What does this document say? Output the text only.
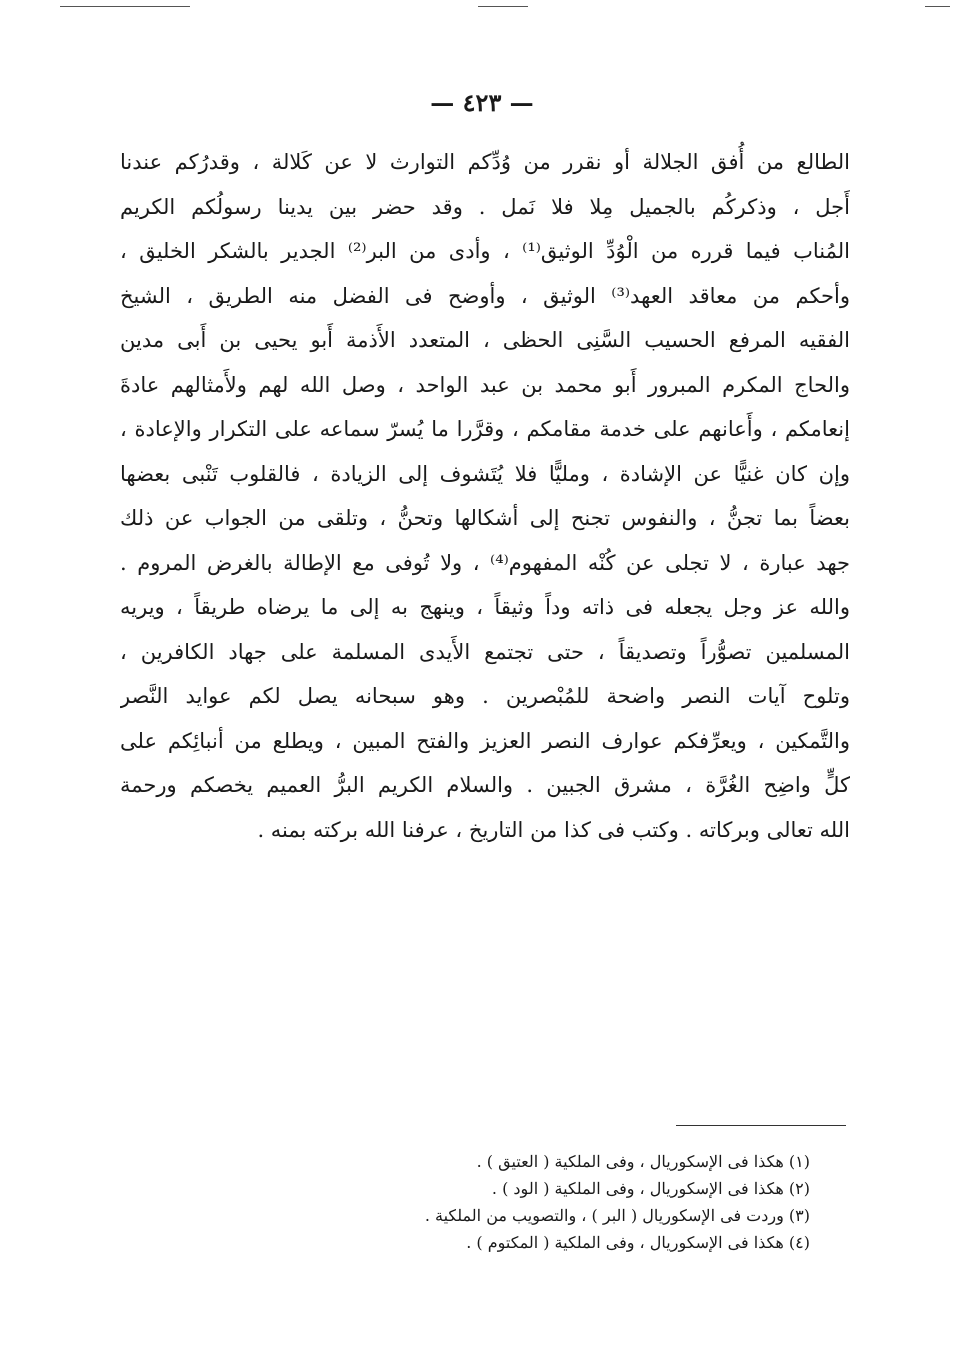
— ٤٢٣ —
الطالع من أُفق الجلالة أو نقرر من وُدِّكم التوارث لا عن كَلالة ، وقدرُكم عندنا
أَجل ، وذكركُم بالجميل مِلا فلا نَمل . وقد حضر بين يدينا رسولُكم الكريم
المُناب فيما قرره من الْوُدِّ الوثيق⁽¹⁾ ، وأدى من البر⁽²⁾ الجدير بالشكر الخليق ،
وأحكم من معاقد العهد⁽³⁾ الوثيق ، وأوضح فى الفضل منه الطريق ، الشيخ
الفقيه المرفع الحسيب السَّنِى الحظى ، المتعدد الأَذمة أَبو يحيى بن أَبى مدين
والحاج المكرم المبرور أَبو محمد بن عبد الواحد ، وصل الله لهم ولأَمثالهم عادةَ
إنعامكم ، وأَعانهم على خدمة مقامكم ، وقرَّرا ما يُسرّ سماعه على التكرار والإعادة ،
وإن كان غنيًّا عن الإشادة ، ومليًّا فلا يُتَشوف إلى الزيادة ، فالقلوب تَنْبى بعضها
بعضاً بما تجنُّ ، والنفوس تجنح إلى أشكالها وتحنُّ ، وتلقى من الجواب عن ذلك
جهد عبارة ، لا تجلى عن كُنْه المفهوم⁽⁴⁾ ، ولا تُوفى مع الإطالة بالغرض المروم .
والله عز وجل يجعله فى ذاته وداً وثيقاً ، وينهج به إلى ما يرضاه طريقاً ، ويريه
المسلمين تصوُّراً وتصديقاً ، حتى تجتمع الأَيدى المسلمة على جهاد الكافرين ،
وتلوح آيات النصر واضحة للمُبْصرين . وهو سبحانه يصل لكم عوايد النَّصر
والتَّمكين ، ويعرِّفكم عوارف النصر العزيز والفتح المبين ، ويطلع من أنبائِكم على
كلٍّ واضِح الغُرَّة ، مشرق الجبين . والسلام الكريم البرُّ العميم يخصكم ورحمة
الله تعالى وبركاته . وكتب فى كذا من التاريخ ، عرفنا الله بركته بمنه .
(١) هكذا فى الإسكوريال ، وفى الملكية ( العتيق ) .
(٢) هكذا فى الإسكوريال ، وفى الملكية ( الود ) .
(٣) وردت فى الإسكوريال ( البر ) ، والتصويب من الملكية .
(٤) هكذا فى الإسكوريال ، وفى الملكية ( المكتوم ) .
